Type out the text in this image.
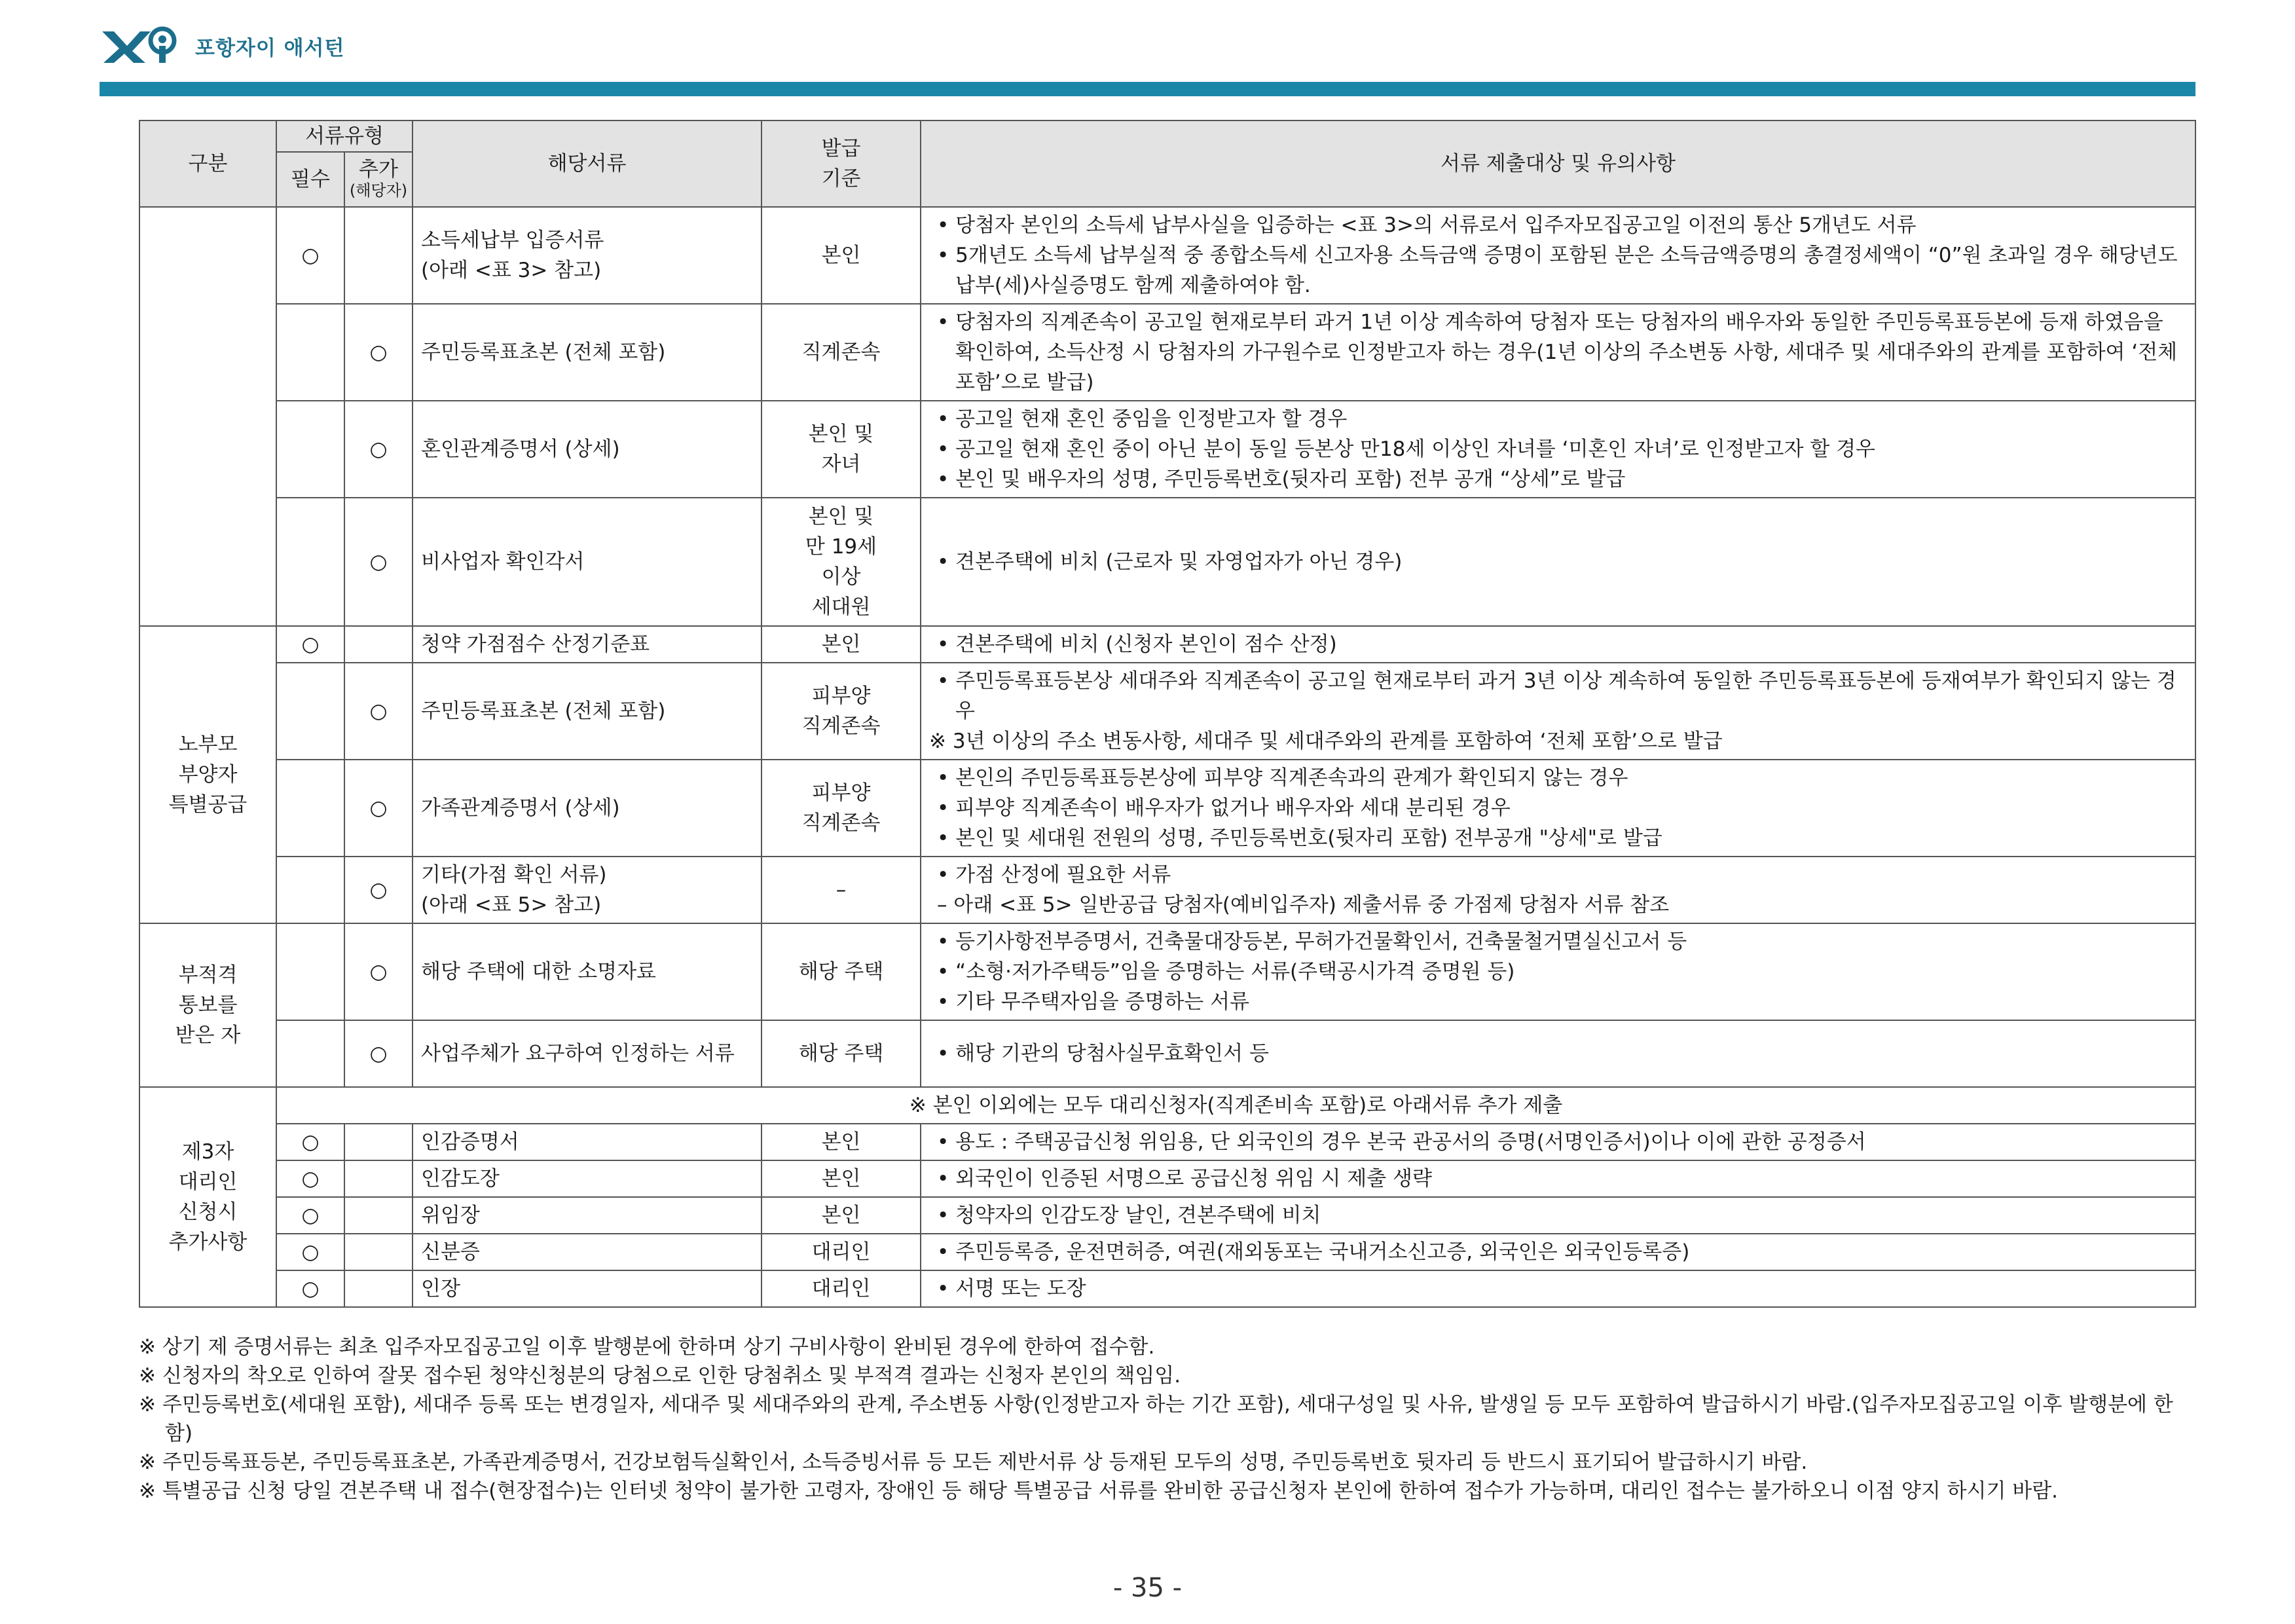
포항자이 애서턴
구분	서류유형		해당서류	발급
기준	서류 제출대상 및 유의사항
	필수	추가
(해당자)			

	○		소득세납부 입증서류
(아래 <표 3> 참고)	본인	• 당첨자 본인의 소득세 납부사실을 입증하는 <표 3>의 서류로서 입주자모집공고일 이전의 통산 5개년도 서류
• 5개년도 소득세 납부실적 중 종합소득세 신고자용 소득금액 증명이 포함된 분은 소득금액증명의 총결정세액이 “0”원 초과일 경우 해당년도 납부(세)사실증명도 함께 제출하여야 함.

		○	주민등록표초본 (전체 포함)	직계존속	• 당첨자의 직계존속이 공고일 현재로부터 과거 1년 이상 계속하여 당첨자 또는 당첨자의 배우자와 동일한 주민등록표등본에 등재 하였음을 확인하여, 소득산정 시 당첨자의 가구원수로 인정받고자 하는 경우(1년 이상의 주소변동 사항, 세대주 및 세대주와의 관계를 포함하여 ‘전체 포함’으로 발급)

		○	혼인관계증명서 (상세)	본인 및
자녀	• 공고일 현재 혼인 중임을 인정받고자 할 경우
• 공고일 현재 혼인 중이 아닌 분이 동일 등본상 만18세 이상인 자녀를 ‘미혼인 자녀’로 인정받고자 할 경우
• 본인 및 배우자의 성명, 주민등록번호(뒷자리 포함) 전부 공개 “상세”로 발급

		○	비사업자 확인각서	본인 및
만 19세
이상
세대원	• 견본주택에 비치 (근로자 및 자영업자가 아닌 경우)

노부모
부양자
특별공급	○		청약 가점점수 산정기준표	본인	• 견본주택에 비치 (신청자 본인이 점수 산정)

		○	주민등록표초본 (전체 포함)	피부양
직계존속	• 주민등록표등본상 세대주와 직계존속이 공고일 현재로부터 과거 3년 이상 계속하여 동일한 주민등록표등본에 등재여부가 확인되지 않는 경우
※ 3년 이상의 주소 변동사항, 세대주 및 세대주와의 관계를 포함하여 ‘전체 포함’으로 발급

		○	가족관계증명서 (상세)	피부양
직계존속	• 본인의 주민등록표등본상에 피부양 직계존속과의 관계가 확인되지 않는 경우
• 피부양 직계존속이 배우자가 없거나 배우자와 세대 분리된 경우
• 본인 및 세대원 전원의 성명, 주민등록번호(뒷자리 포함) 전부공개 "상세"로 발급

		○	기타(가점 확인 서류)
(아래 <표 5> 참고)	–	• 가점 산정에 필요한 서류
– 아래 <표 5> 일반공급 당첨자(예비입주자) 제출서류 중 가점제 당첨자 서류 참조

부적격
통보를
받은 자		○	해당 주택에 대한 소명자료	해당 주택	• 등기사항전부증명서, 건축물대장등본, 무허가건물확인서, 건축물철거멸실신고서 등
• “소형·저가주택등”임을 증명하는 서류(주택공시가격 증명원 등)
• 기타 무주택자임을 증명하는 서류

		○	사업주체가 요구하여 인정하는 서류	해당 주택	• 해당 기관의 당첨사실무효확인서 등

제3자
대리인
신청시
추가사항	※ 본인 이외에는 모두 대리신청자(직계존비속 포함)로 아래서류 추가 제출				
	○		인감증명서	본인	• 용도 : 주택공급신청 위임용, 단 외국인의 경우 본국 관공서의 증명(서명인증서)이나 이에 관한 공정증서

	○		인감도장	본인	• 외국인이 인증된 서명으로 공급신청 위임 시 제출 생략

	○		위임장	본인	• 청약자의 인감도장 날인, 견본주택에 비치

	○		신분증	대리인	• 주민등록증, 운전면허증, 여권(재외동포는 국내거소신고증, 외국인은 외국인등록증)

	○		인장	대리인	• 서명 또는 도장
※ 상기 제 증명서류는 최초 입주자모집공고일 이후 발행분에 한하며 상기 구비사항이 완비된 경우에 한하여 접수함.
※ 신청자의 착오로 인하여 잘못 접수된 청약신청분의 당첨으로 인한 당첨취소 및 부적격 결과는 신청자 본인의 책임임.
※ 주민등록번호(세대원 포함), 세대주 등록 또는 변경일자, 세대주 및 세대주와의 관계, 주소변동 사항(인정받고자 하는 기간 포함), 세대구성일 및 사유, 발생일 등 모두 포함하여 발급하시기 바람.(입주자모집공고일 이후 발행분에 한함)
※ 주민등록표등본, 주민등록표초본, 가족관계증명서, 건강보험득실확인서, 소득증빙서류 등 모든 제반서류 상 등재된 모두의 성명, 주민등록번호 뒷자리 등 반드시 표기되어 발급하시기 바람.
※ 특별공급 신청 당일 견본주택 내 접수(현장접수)는 인터넷 청약이 불가한 고령자, 장애인 등 해당 특별공급 서류를 완비한 공급신청자 본인에 한하여 접수가 가능하며, 대리인 접수는 불가하오니 이점 양지 하시기 바람.
- 35 -
